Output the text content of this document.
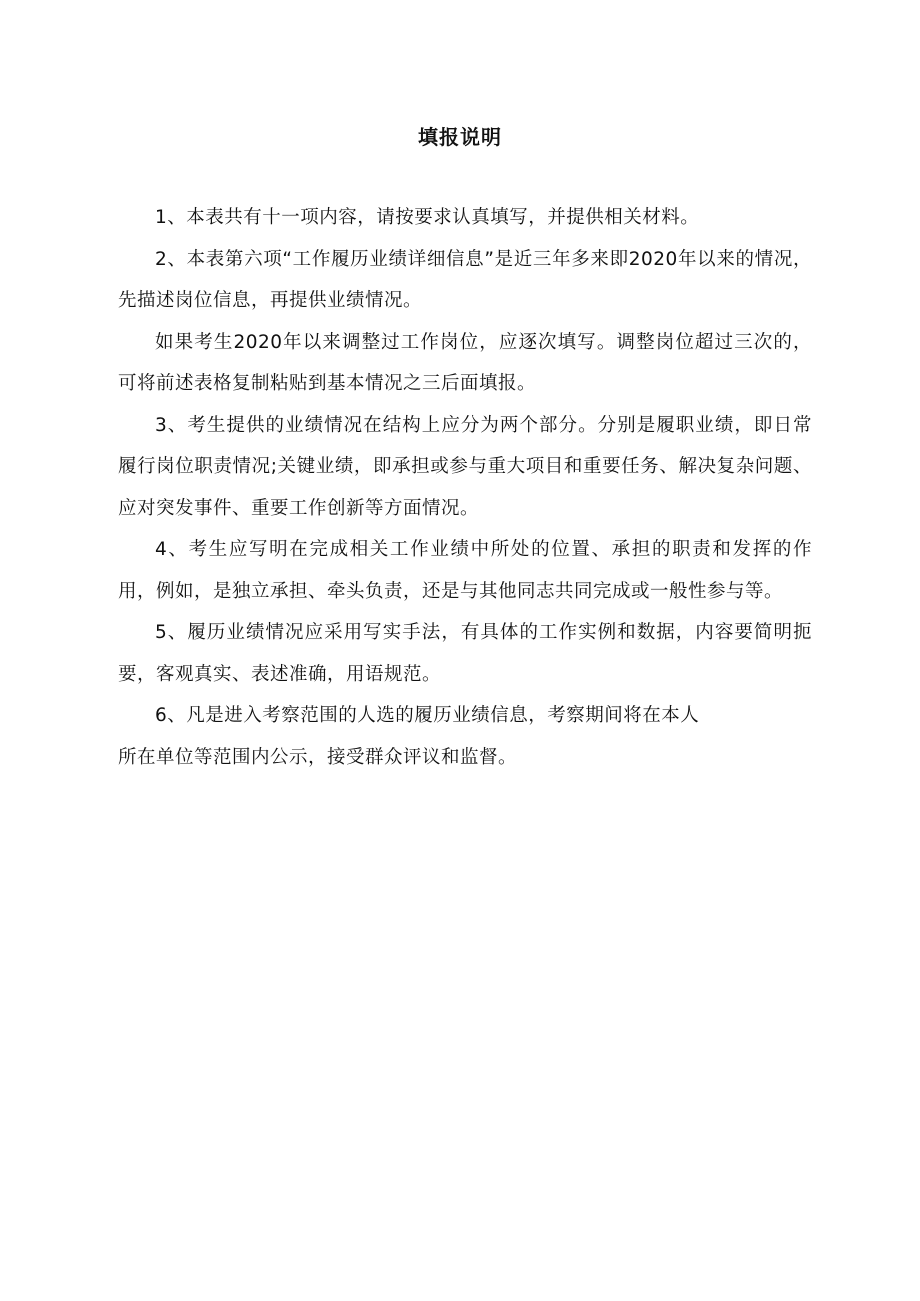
填报说明

1、本表共有十一项内容，请按要求认真填写，并提供相关材料。

2、本表第六项“工作履历业绩详细信息”是近三年多来即2020年以来的情况，先描述岗位信息，再提供业绩情况。

如果考生2020年以来调整过工作岗位，应逐次填写。调整岗位超过三次的，可将前述表格复制粘贴到基本情况之三后面填报。

3、考生提供的业绩情况在结构上应分为两个部分。分别是履职业绩，即日常履行岗位职责情况;关键业绩，即承担或参与重大项目和重要任务、解决复杂问题、应对突发事件、重要工作创新等方面情况。

4、考生应写明在完成相关工作业绩中所处的位置、承担的职责和发挥的作用，例如，是独立承担、牵头负责，还是与其他同志共同完成或一般性参与等。

5、履历业绩情况应采用写实手法，有具体的工作实例和数据，内容要简明扼要，客观真实、表述准确，用语规范。

6、凡是进入考察范围的人选的履历业绩信息，考察期间将在本人

所在单位等范围内公示，接受群众评议和监督。
